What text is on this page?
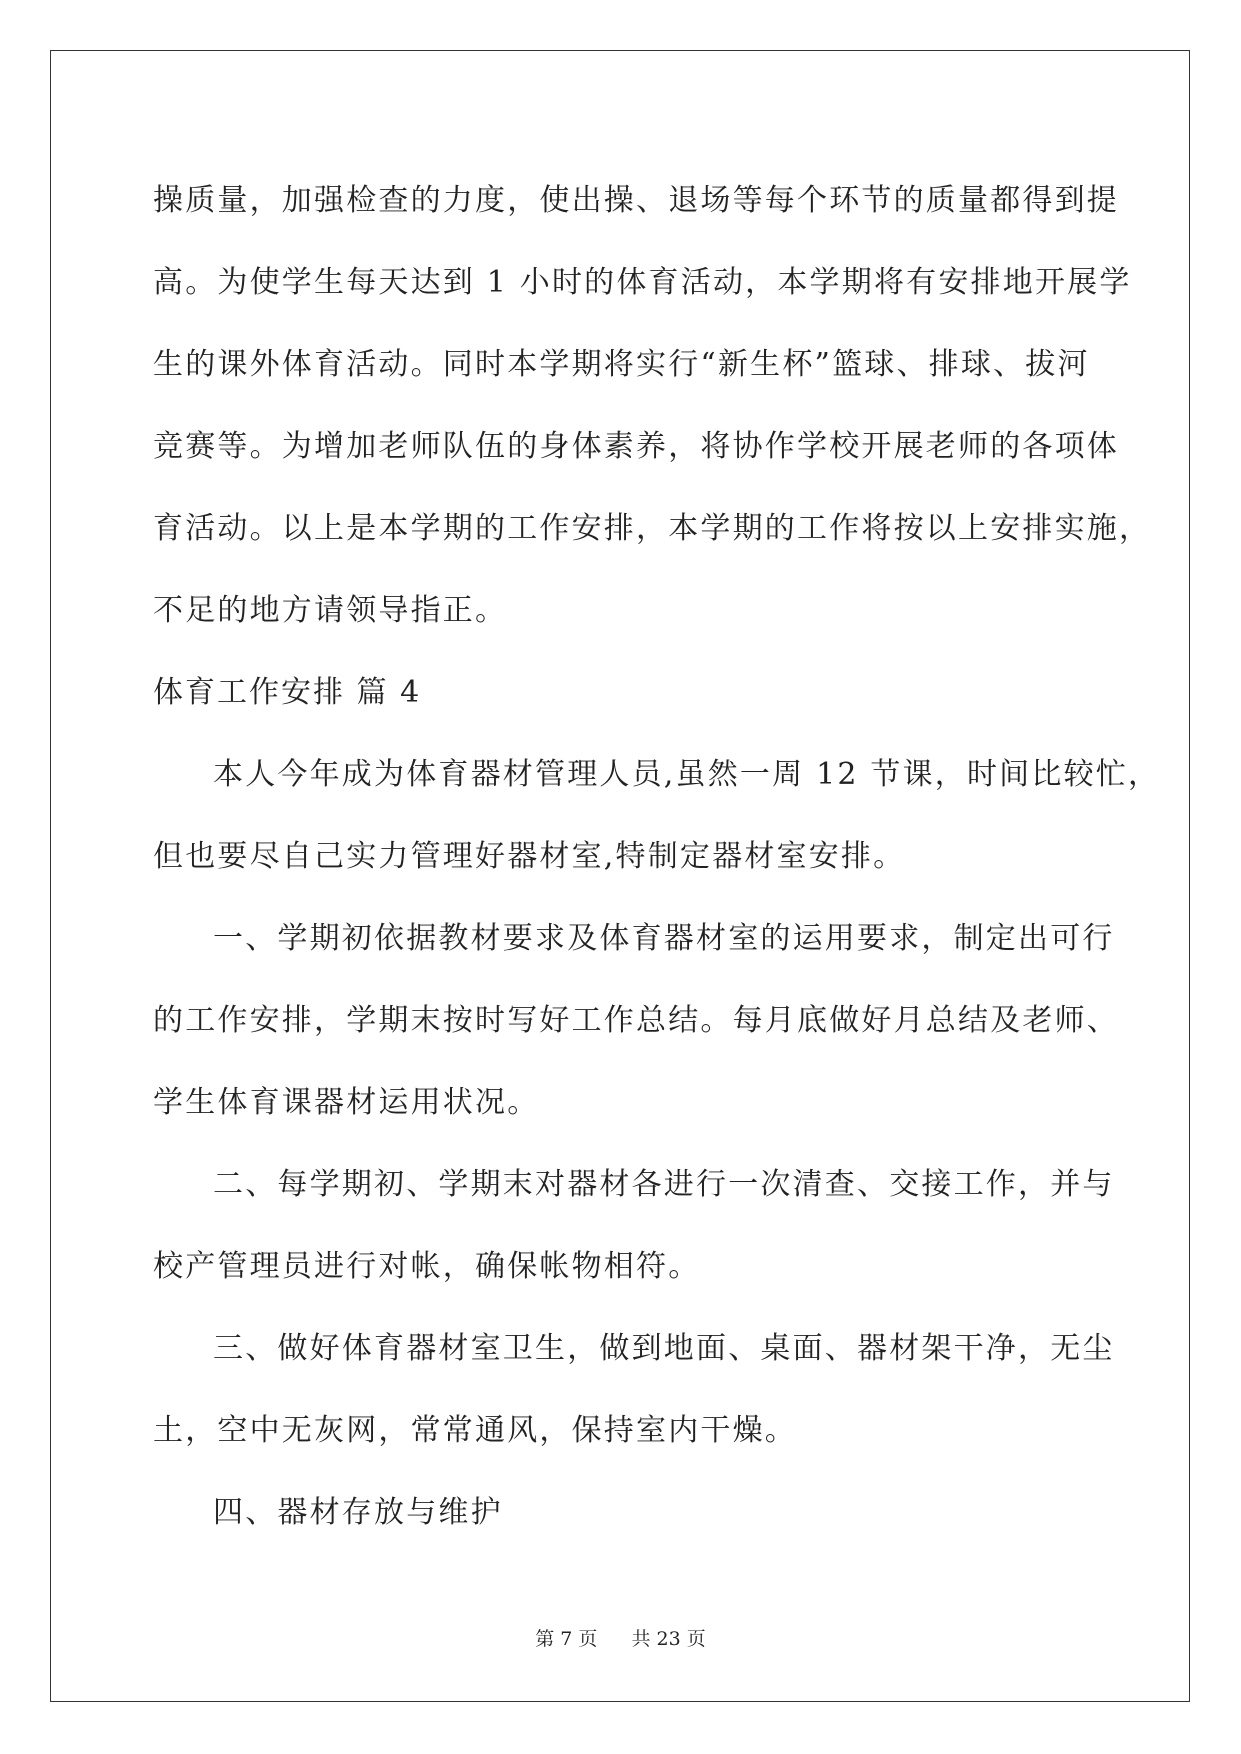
操质量，加强检查的力度，使出操、退场等每个环节的质量都得到提
高。为使学生每天达到 1 小时的体育活动，本学期将有安排地开展学
生的课外体育活动。同时本学期将实行“新生杯”篮球、排球、拔河
竞赛等。为增加老师队伍的身体素养，将协作学校开展老师的各项体
育活动。以上是本学期的工作安排，本学期的工作将按以上安排实施，
不足的地方请领导指正。
体育工作安排 篇 4
本人今年成为体育器材管理人员,虽然一周 12 节课，时间比较忙，
但也要尽自己实力管理好器材室,特制定器材室安排。
一、学期初依据教材要求及体育器材室的运用要求，制定出可行
的工作安排，学期末按时写好工作总结。每月底做好月总结及老师、
学生体育课器材运用状况。
二、每学期初、学期末对器材各进行一次清查、交接工作，并与
校产管理员进行对帐，确保帐物相符。
三、做好体育器材室卫生，做到地面、桌面、器材架干净，无尘
土，空中无灰网，常常通风，保持室内干燥。
四、器材存放与维护
第 7 页 共 23 页
